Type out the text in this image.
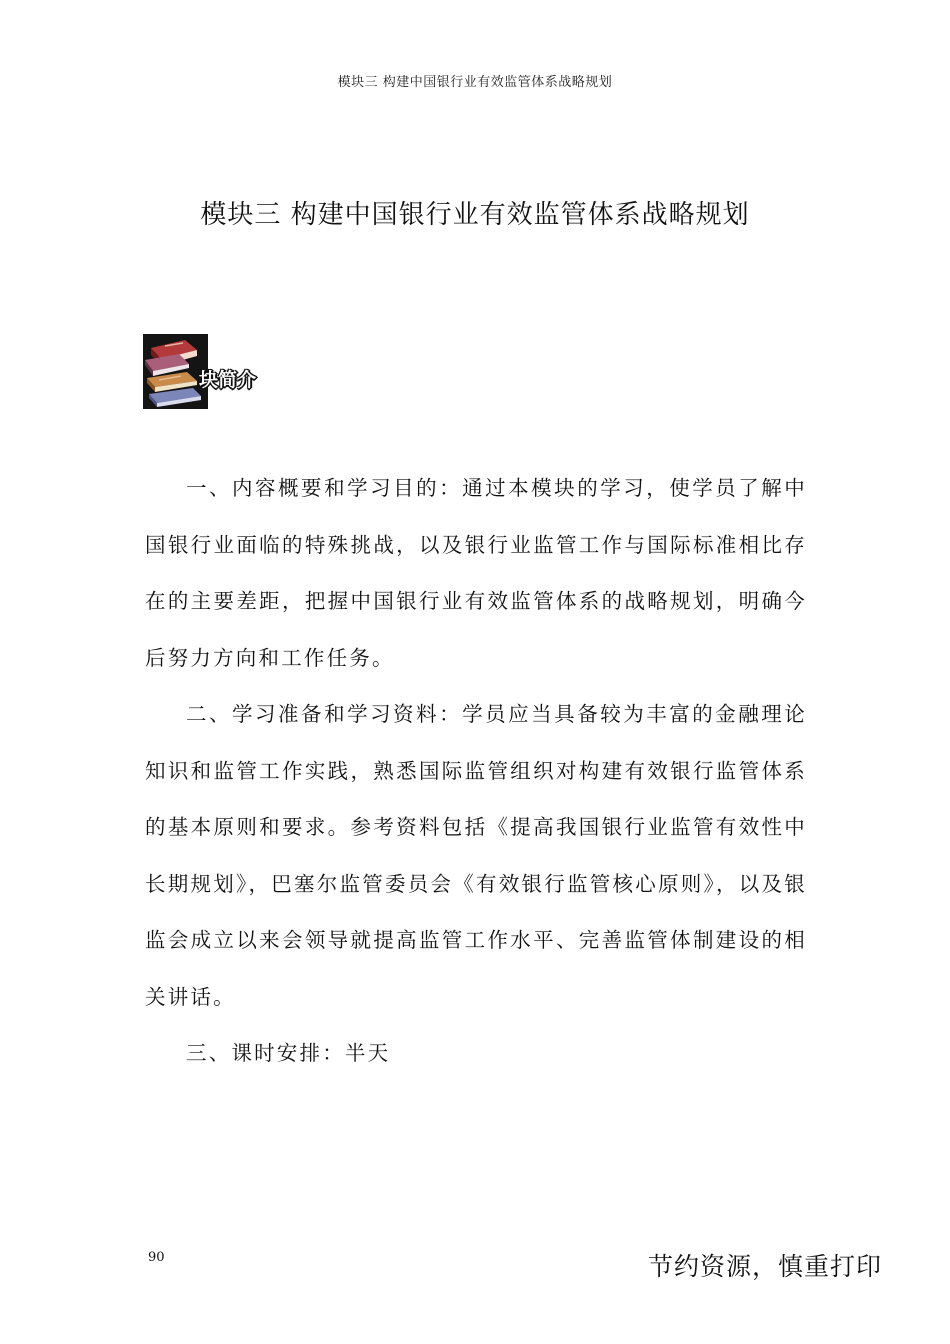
模块三 构建中国银行业有效监管体系战略规划
模块三 构建中国银行业有效监管体系战略规划
块简介

一、内容概要和学习目的：通过本模块的学习，使学员了解中国银行业面临的特殊挑战，以及银行业监管工作与国际标准相比存在的主要差距，把握中国银行业有效监管体系的战略规划，明确今后努力方向和工作任务。

二、学习准备和学习资料：学员应当具备较为丰富的金融理论知识和监管工作实践，熟悉国际监管组织对构建有效银行监管体系的基本原则和要求。参考资料包括《提高我国银行业监管有效性中长期规划》，巴塞尔监管委员会《有效银行监管核心原则》，以及银监会成立以来会领导就提高监管工作水平、完善监管体制建设的相关讲话。

三、课时安排：半天

90	节约资源，慎重打印
